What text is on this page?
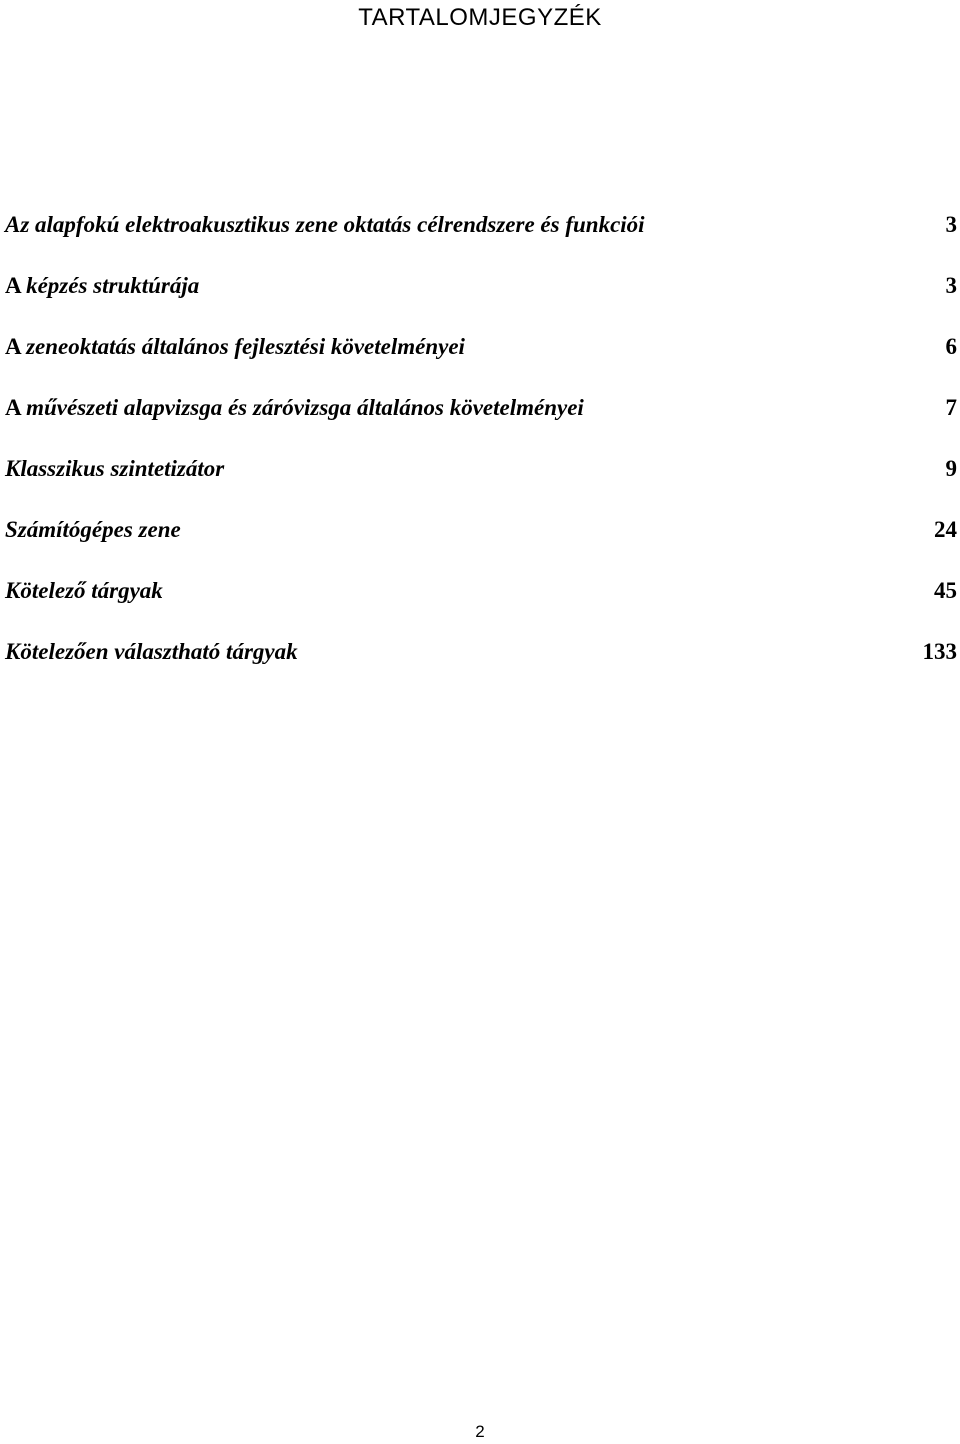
TARTALOMJEGYZÉK
Az alapfokú elektroakusztikus zene oktatás célrendszere és funkciói	3
A képzés struktúrája	3
A zeneoktatás általános fejlesztési követelményei	6
A művészeti alapvizsga és záróvizsga általános követelményei	7
Klasszikus szintetizátor	9
Számítógépes zene	24
Kötelező tárgyak	45
Kötelezően választható tárgyak	133
2
